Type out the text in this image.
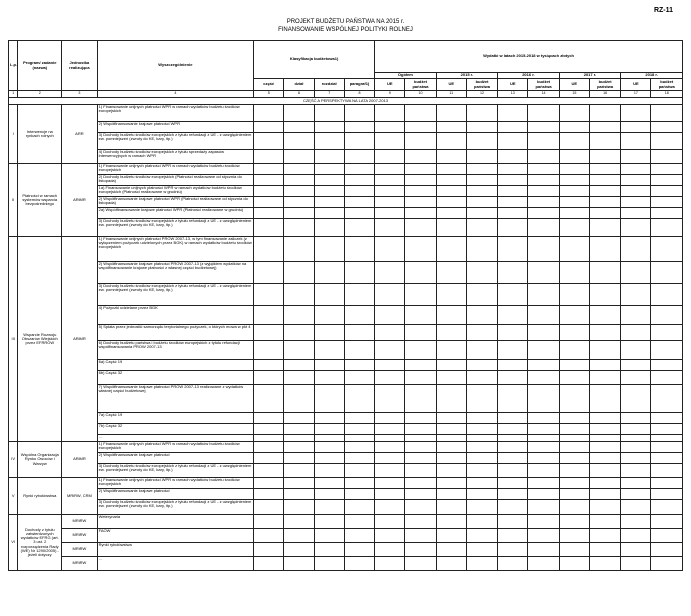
RZ-11
PROJEKT BUDŻETU PAŃSTWA NA 2015 r.
FINANSOWANIE WSPÓLNEJ POLITYKI ROLNEJ
L.p.	Program/ zadanie (nazwa)	Jednostka realizująca	Wyszczególnienie	Klasyfikacja budżetowa1)				Wydatki w latach 2015-2018 w tysiącach złotych									
								Ogółem		2015 r.		2016 r.		2017 r.		2018 r.	
				część	dział	rozdział	paragraf1)	UE	budżet państwa	UE	budżet państwa	UE	budżet państwa	UE	budżet państwa	UE	budżet państwa
1	2	3	4	5	6	7	8	9	10	11	12	13	14	15	16	17	18
CZĘŚĆ A PERSPEKTYWA NA LATA 2007-2013																	
I	Interwencje na rynkach rolnych	ARR	1) Finansowanie unijnych płatności WPR w ramach wydatków budżetu środków europejskich														
			2) Współfinansowanie krajowe płatności WPR														
			3) Dochody budżetu środków europejskich z tytułu refundacji z UE - z uwzględnieniem ew. pomniejszeń (zwroty do KE, kary, itp.)														
			4) Dochody budżetu środków europejskich z tytułu sprzedaży zapasów interwencyjnych w ramach WPR														
II	Płatności w ramach systemów wsparcia bezpośredniego	ARiMR	1) Finansowanie unijnych płatności WPR w ramach wydatków budżetu środków europejskich														
			2) Dochody budżetu środków europejskich (Płatności realizowane od stycznia do listopada)														
			1a) Finansowanie unijnych płatności WPR w ramach wydatków budżetu środków europejskich (Płatności realizowane w grudniu)														
			2) Współfinansowanie krajowe płatności WPR (Płatności realizowane od stycznia do listopada)														
			2a) Współfinansowanie krajowe płatności WPR (Płatności realizowane w grudniu)														
			3) Dochody budżetu środków europejskich z tytułu refundacji z UE - z uwzględnieniem ew. pomniejszeń (zwroty do KE, kary, itp.)														
III	Wsparcie Rozwoju Obszarów Wiejskich przez EFRROW	ARiMR	1) Finansowanie unijnych płatności PROW 2007-13, w tym finansowanie zaliczek (z wyłączeniem pożyczek udzielonych przez BGK) w ramach wydatków budżetu środków europejskich														
			2) Współfinansowanie krajowe płatności PROW 2007-13 (z wyjątkiem wydatków na współfinansowanie krajowe płatności z własnej części budżetowej)														
			3) Dochody budżetu środków europejskich z tytułu refundacji z UE - z uwzględnieniem ew. pomniejszeń (zwroty do KE, kary, itp.)														
			4) Pożyczki udzielane przez BGK														
			5) Spłata przez jednostki samorządu terytorialnego pożyczek, o których mowa w pkt 4														
			6) Dochody budżetu państwa i budżetu środków europejskich z tytułu refundacji współfinansowania PROW 2007-13														
			6a) Część 19														
			6b) Część 32														
			7) Współfinansowanie krajowe płatności PROW 2007-13 realizowane z wydatków własnej części budżetowej														
			7a) Część 19														
			7b) Część 32														
			…														
IV	Wspólna Organizacja Rynku Owoców i Warzyw	ARiMR	1) Finansowanie unijnych płatności WPR w ramach wydatków budżetu środków europejskich														
			2) Współfinansowanie krajowe płatności														
			3) Dochody budżetu środków europejskich z tytułu refundacji z UE - z uwzględnieniem ew. pomniejszeń (zwroty do KE, kary, itp.)														
V	Rynki rybołówstwa	MRiRW, CRM	1) Finansowanie unijnych płatności WPR w ramach wydatków budżetu środków europejskich														
			2) Współfinansowanie krajowe płatności														
			3) Dochody budżetu środków europejskich z tytułu refundacji z UE - z uwzględnieniem ew. pomniejszeń (zwroty do KE, kary, itp.)														
VI	Dochody z tytułu zatwierdzonych wydatków EFRG (art. 3 ust. 2 rozporządzenia Rady (WE) Nr 1290/2005) - jeżeli dotyczy	MRiRW	Weterynaria														
		MRiRW	FAOW														
		MRiRW	Rynki rybołówstwa														
		MRiRW	…														
